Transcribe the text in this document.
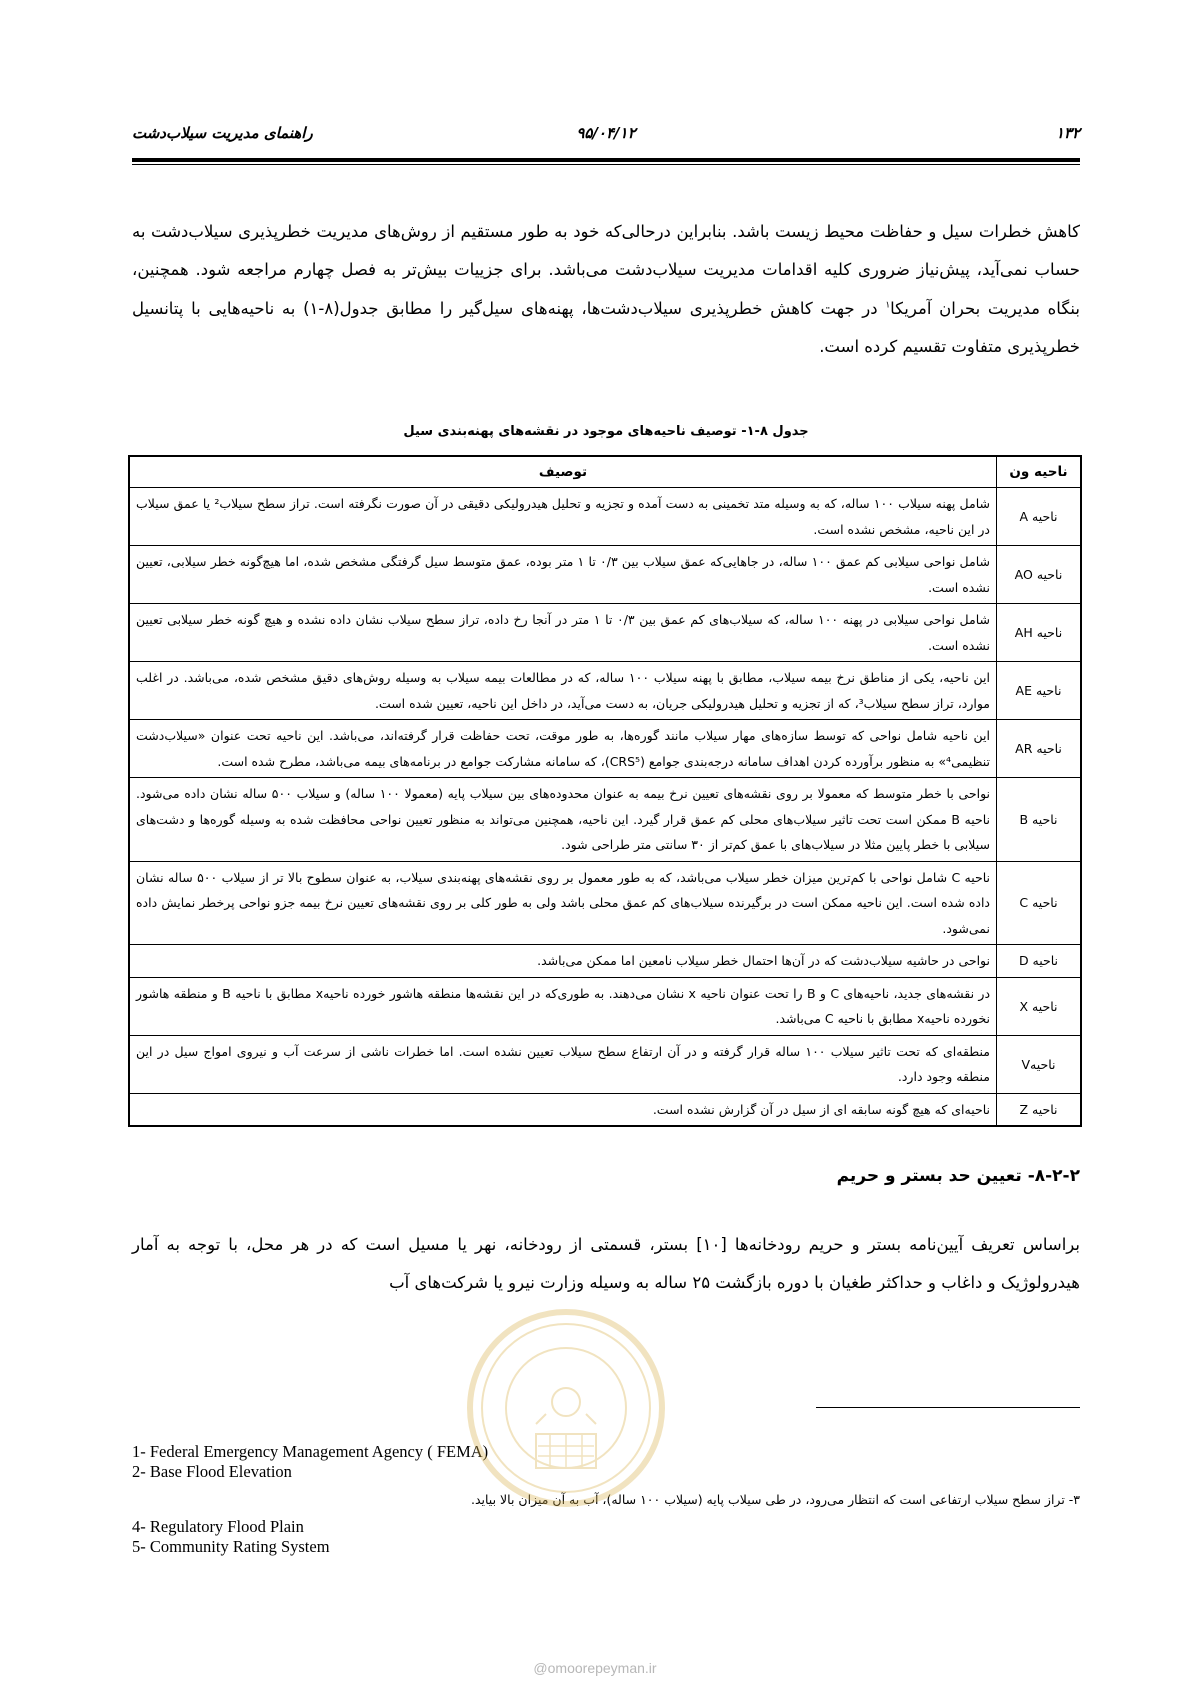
راهنمای مدیریت سیلاب‌دشت	۹۵/۰۴/۱۲	۱۳۲
کاهش خطرات سیل و حفاظت محیط زیست باشد. بنابراین درحالی‌که خود به طور مستقیم از روش‌های مدیریت خطرپذیری سیلاب‌دشت به حساب نمی‌آید، پیش‌نیاز ضروری کلیه اقدامات مدیریت سیلاب‌دشت می‌باشد. برای جزییات بیش‌تر به فصل چهارم مراجعه شود. همچنین، بنگاه مدیریت بحران آمریکا$^۱$ در جهت کاهش خطرپذیری سیلاب‌دشت‌ها، پهنه‌های سیل‌گیر را مطابق جدول(۸-۱) به ناحیه‌هایی با پتانسیل خطرپذیری متفاوت تقسیم کرده است.
جدول ۸-۱- توصیف ناحیه‌های موجود در نقشه‌های پهنه‌بندی سیل
ناحیه ون	توصیف
ناحیه A	شامل پهنه سیلاب ۱۰۰ ساله، که به وسیله متد تخمینی به دست آمده و تجزیه و تحلیل هیدرولیکی دقیقی در آن صورت نگرفته است. تراز سطح سیلاب² یا عمق سیلاب در این ناحیه، مشخص نشده است.
ناحیه AO	شامل نواحی سیلابی کم عمق ۱۰۰ ساله، در جاهایی‌که عمق سیلاب بین ۰/۳ تا ۱ متر بوده، عمق متوسط سیل گرفتگی مشخص شده، اما هیچ‌گونه خطر سیلابی، تعیین نشده است.
ناحیه AH	شامل نواحی سیلابی در پهنه ۱۰۰ ساله، که سیلاب‌های کم عمق بین ۰/۳ تا ۱ متر در آنجا رخ داده، تراز سطح سیلاب نشان داده نشده و هیچ گونه خطر سیلابی تعیین نشده است.
ناحیه AE	این ناحیه، یکی از مناطق نرخ بیمه سیلاب، مطابق با پهنه سیلاب ۱۰۰ ساله، که در مطالعات بیمه سیلاب به وسیله روش‌های دقیق مشخص شده، می‌باشد. در اغلب موارد، تراز سطح سیلاب³، که از تجزیه و تحلیل هیدرولیکی جریان، به دست می‌آید، در داخل این ناحیه، تعیین شده است.
ناحیه AR	این ناحیه شامل نواحی که توسط سازه‌های مهار سیلاب مانند گوره‌ها، به طور موقت، تحت حفاظت قرار گرفته‌اند، می‌باشد. این ناحیه تحت عنوان «سیلاب‌دشت تنظیمی⁴» به منظور برآورده کردن اهداف سامانه درجه‌بندی جوامع (CRS⁵)، که سامانه مشارکت جوامع در برنامه‌های بیمه می‌باشد، مطرح شده است.
ناحیه B	نواحی با خطر متوسط که معمولا بر روی نقشه‌های تعیین نرخ بیمه به عنوان محدوده‌های بین سیلاب پایه (معمولا ۱۰۰ ساله) و سیلاب ۵۰۰ ساله نشان داده می‌شود. ناحیه B ممکن است تحت تاثیر سیلاب‌های محلی کم عمق قرار گیرد. این ناحیه، همچنین می‌تواند به منظور تعیین نواحی محافظت شده به وسیله گوره‌ها و دشت‌های سیلابی با خطر پایین مثلا در سیلاب‌های با عمق کم‌تر از ۳۰ سانتی متر طراحی شود.
ناحیه C	ناحیه C شامل نواحی با کم‌ترین میزان خطر سیلاب می‌باشد، که به طور معمول بر روی نقشه‌های پهنه‌بندی سیلاب، به عنوان سطوح بالا تر از سیلاب ۵۰۰ ساله نشان داده شده است. این ناحیه ممکن است در برگیرنده سیلاب‌های کم عمق محلی باشد ولی به طور کلی بر روی نقشه‌های تعیین نرخ بیمه جزو نواحی پرخطر نمایش داده نمی‌شود.
ناحیه D	نواحی در حاشیه سیلاب‌دشت که در آن‌ها احتمال خطر سیلاب نامعین اما ممکن می‌باشد.
ناحیه X	در نقشه‌های جدید، ناحیه‌های C و B را تحت عنوان ناحیه x نشان می‌دهند. به طوری‌که در این نقشه‌ها منطقه هاشور خورده ناحیهx مطابق با ناحیه B و منطقه هاشور نخورده ناحیهx مطابق با ناحیه C می‌باشد.
ناحیهV	منطقه‌ای که تحت تاثیر سیلاب ۱۰۰ ساله قرار گرفته و در آن ارتفاع سطح سیلاب تعیین نشده است. اما خطرات ناشی از سرعت آب و نیروی امواج سیل در این منطقه وجود دارد.
ناحیه Z	ناحیه‌ای که هیچ گونه سابقه ای از سیل در آن گزارش نشده است.
۸-۲-۲- تعیین حد بستر و حریم
براساس تعریف آیین‌نامه بستر و حریم رودخانه‌ها [۱۰] بستر، قسمتی از رودخانه، نهر یا مسیل است که در هر محل، با توجه به آمار هیدرولوژیک و داغاب و حداکثر طغیان با دوره بازگشت ۲۵ ساله به وسیله وزارت نیرو یا شرکت‌های آب
1- Federal Emergency Management Agency ( FEMA)
2- Base Flood Elevation
۳- تراز سطح سیلاب ارتفاعی است که انتظار می‌رود، در طی سیلاب پایه (سیلاب ۱۰۰ ساله)، آب به آن میزان بالا بیاید.
4- Regulatory Flood Plain
5- Community Rating System
@omoorepeyman.ir
